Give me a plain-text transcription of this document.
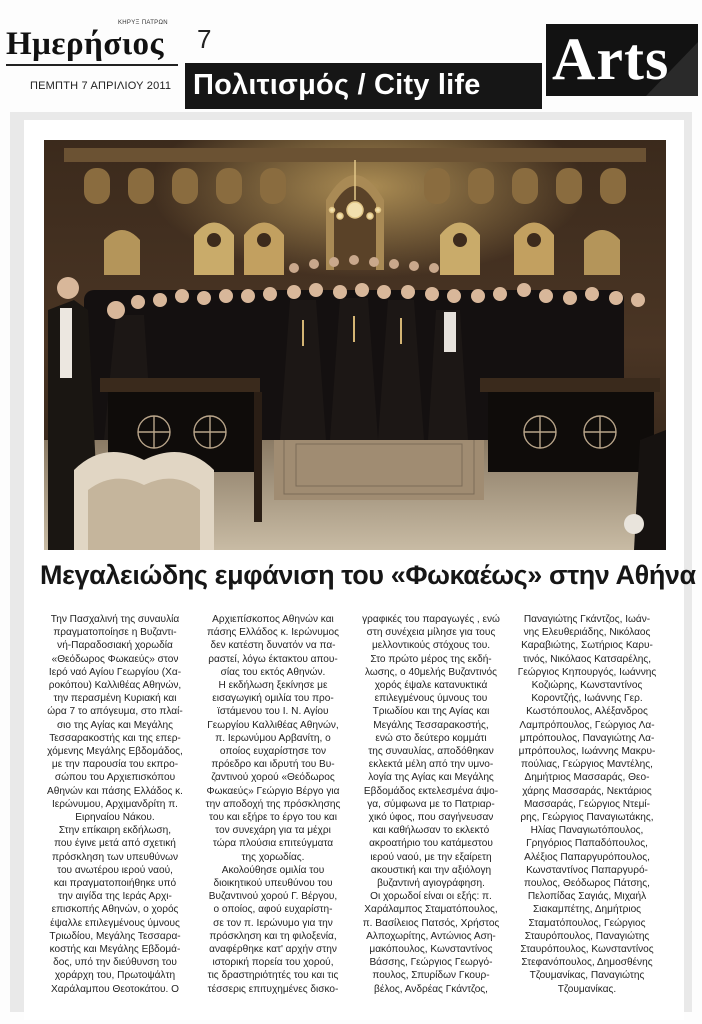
ΚΗΡΥΞ ΠΑΤΡΩΝ
Ημερήσιος 7
ΠΕΜΠΤΗ 7 ΑΠΡΙΛΙΟΥ 2011 Πολιτισμός / City life Arts
Μεγαλειώδης εμφάνιση του «Φωκαέως» στην Αθήνα

Την Πασχαλινή της συναυλία

πραγματοποίησε η Βυζαντι-

νή-Παραδοσιακή χορωδία

«Θεόδωρος Φωκαεύς» στον

Ιερό ναό Αγίου Γεωργίου (Χα-

ροκόπου) Καλλιθέας Αθηνών,

την περασμένη Κυριακή και

ώρα 7 το απόγευμα, στο πλαί-

σιο της Αγίας και Μεγάλης

Τεσσαρακοστής και της επερ-

χόμενης Μεγάλης Εβδομάδος,

με την παρουσία του εκπρο-

σώπου του Αρχιεπισκόπου

Αθηνών και πάσης Ελλάδος κ.

Ιερώνυμου, Αρχιμανδρίτη π.

Ειρηναίου Νάκου.

Στην επίκαιρη εκδήλωση,

που έγινε μετά από σχετική

πρόσκληση των υπευθύνων

του ανωτέρου ιερού ναού,

και πραγματοποιήθηκε υπό

την αιγίδα της Ιεράς Αρχι-

επισκοπής Αθηνών, ο χορός

έψαλλε επιλεγμένους ύμνους

Τριωδίου, Μεγάλης Τεσσαρα-

κοστής και Μεγάλης Εβδομά-

δος, υπό την διεύθυνση του

χοράρχη του, Πρωτοψάλτη

Χαράλαμπου Θεοτοκάτου. Ο

Αρχιεπίσκοπος Αθηνών και

πάσης Ελλάδος κ. Ιερώνυμος

δεν κατέστη δυνατόν να πα-

ραστεί, λόγω έκτακτου απου-

σίας του εκτός Αθηνών.

Η εκδήλωση ξεκίνησε με

εισαγωγική ομιλία του προ-

ϊστάμενου του Ι. Ν. Αγίου

Γεωργίου Καλλιθέας Αθηνών,

π. Ιερωνύμου Αρβανίτη, ο

οποίος ευχαρίστησε τον

πρόεδρο και ιδρυτή του Βυ-

ζαντινού χορού «Θεόδωρος

Φωκαεύς» Γεώργιο Βέργο για

την αποδοχή της πρόσκλησης

του και εξήρε το έργο του και

τον συνεχάρη για τα μέχρι

τώρα πλούσια επιτεύγματα

της χορωδίας.

Ακολούθησε ομιλία του

διοικητικού υπευθύνου του

Βυζαντινού χορού Γ. Βέργου,

ο οποίος, αφού ευχαρίστη-

σε τον π. Ιερώνυμο για την

πρόσκληση και τη φιλοξενία,

αναφέρθηκε κατ' αρχήν στην

ιστορική πορεία του χορού,

τις δραστηριότητές του και τις

τέσσερις επιτυχημένες δισκο-

γραφικές του παραγωγές , ενώ

στη συνέχεια μίλησε για τους

μελλοντικούς στόχους του.

Στο πρώτο μέρος της εκδή-

λωσης, ο 40μελής Βυζαντινός

χορός έψαλε κατανυκτικά

επιλεγμένους ύμνους του

Τριωδίου και της Αγίας και

Μεγάλης Τεσσαρακοστής,

ενώ στο δεύτερο κομμάτι

της συναυλίας, αποδόθηκαν

εκλεκτά μέλη από την υμνο-

λογία της Αγίας και Μεγάλης

Εβδομάδος εκτελεσμένα άψο-

γα, σύμφωνα με το Πατριαρ-

χικό ύφος, που σαγήνευσαν

και καθήλωσαν το εκλεκτό

ακροατήριο του κατάμεστου

ιερού ναού, με την εξαίρετη

ακουστική και την αξιόλογη

βυζαντινή αγιογράφηση.

Οι χορωδοί είναι οι εξής: π.

Χαράλαμπος Σταματόπουλος,

π. Βασίλειος Πατσός, Χρήστος

Αλποχωρίτης, Αντώνιος Αση-

μακόπουλος, Κωνσταντίνος

Βάσσης, Γεώργιος Γεωργό-

πουλος, Σπυρίδων Γκουρ-

βέλος, Ανδρέας Γκάντζος,

Παναγιώτης Γκάντζος, Ιωάν-

νης Ελευθεριάδης, Νικόλαος

Καραβιώτης, Σωτήριος Καρυ-

τινός, Νικόλαος Κατσαρέλης,

Γεώργιος Κηπουργός, Ιωάννης

Κοζιώρης, Κωνσταντίνος

Κορoντζής, Ιωάννης Γερ.

Κωστόπουλος, Αλέξανδρος

Λαμπρόπουλος, Γεώργιος Λα-

μπρόπουλος, Παναγιώτης Λα-

μπρόπουλος, Ιωάννης Μακρυ-

πούλιας, Γεώργιος Μαντέλης,

Δημήτριος Μασσαράς, Θεο-

χάρης Μασσαράς, Νεκτάριος

Μασσαράς, Γεώργιος Ντεμί-

ρης, Γεώργιος Παναγιωτάκης,

Ηλίας Παναγιωτόπουλος,

Γρηγόριος Παπαδόπουλος,

Αλέξιος Παπαργυρόπουλος,

Κωνσταντίνος Παπαργυρό-

πουλος, Θεόδωρος Πάτσης,

Πελοπίδας Σαγιάς, Μιχαήλ

Σιακαμπέτης, Δημήτριος

Σταματόπουλος, Γεώργιος

Σταυρόπουλος, Παναγιώτης

Σταυρόπουλος, Κωνσταντίνος

Στεφανόπουλος, Δημοσθένης

Τζουμανίκας, Παναγιώτης

Τζουμανίκας.
